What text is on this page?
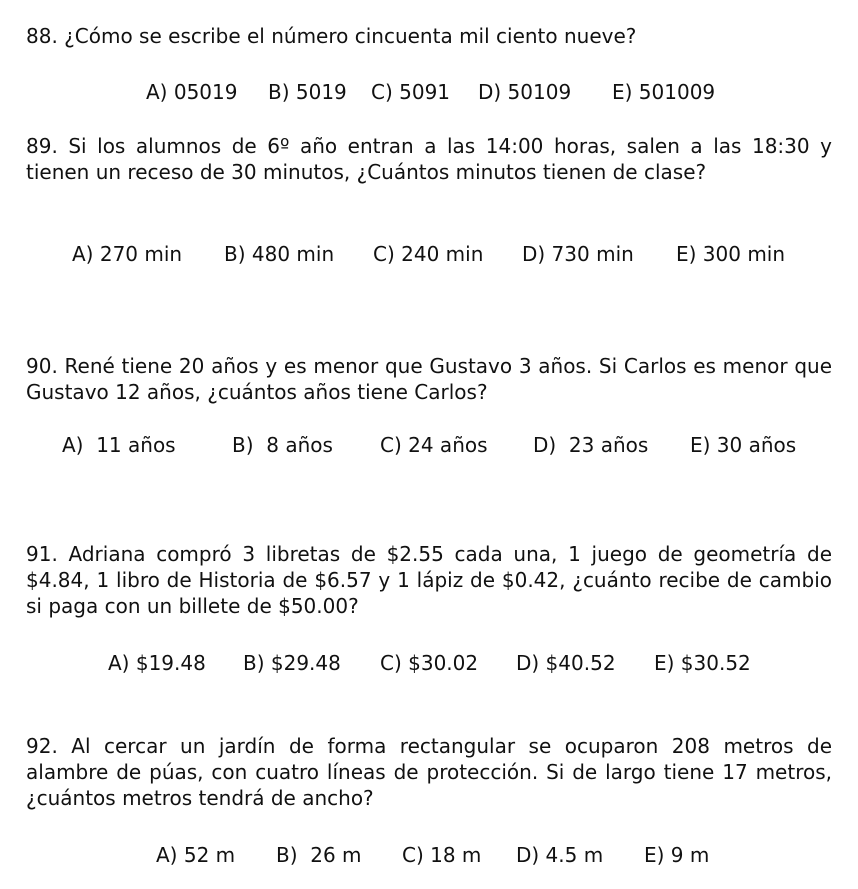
88. ¿Cómo se escribe el número cincuenta mil ciento nueve?

A) 05019 B) 5019 C) 5091 D) 50109 E) 501009

89. Si los alumnos de 6º año entran a las 14:00 horas, salen a las 18:30 y tienen un receso de 30 minutos, ¿Cuántos minutos tienen de clase?

A) 270 min B) 480 min C) 240 min D) 730 min E) 300 min

90. René tiene 20 años y es menor que Gustavo 3 años. Si Carlos es menor que Gustavo 12 años, ¿cuántos años tiene Carlos?

A)  11 años	B)  8 años C) 24 años D)  23 años E) 30 años

91. Adriana compró 3 libretas de $2.55 cada una, 1 juego de geometría de $4.84, 1 libro de Historia de $6.57 y 1 lápiz de $0.42, ¿cuánto recibe de cambio si paga con un billete de $50.00?

A) $19.48 B) $29.48 C) $30.02 D) $40.52 E) $30.52

92. Al cercar un jardín de forma rectangular se ocuparon 208 metros de alambre de púas, con cuatro líneas de protección. Si de largo tiene 17 metros, ¿cuántos metros tendrá de ancho?

A) 52 m B)  26 m C) 18 m D) 4.5 m E) 9 m
